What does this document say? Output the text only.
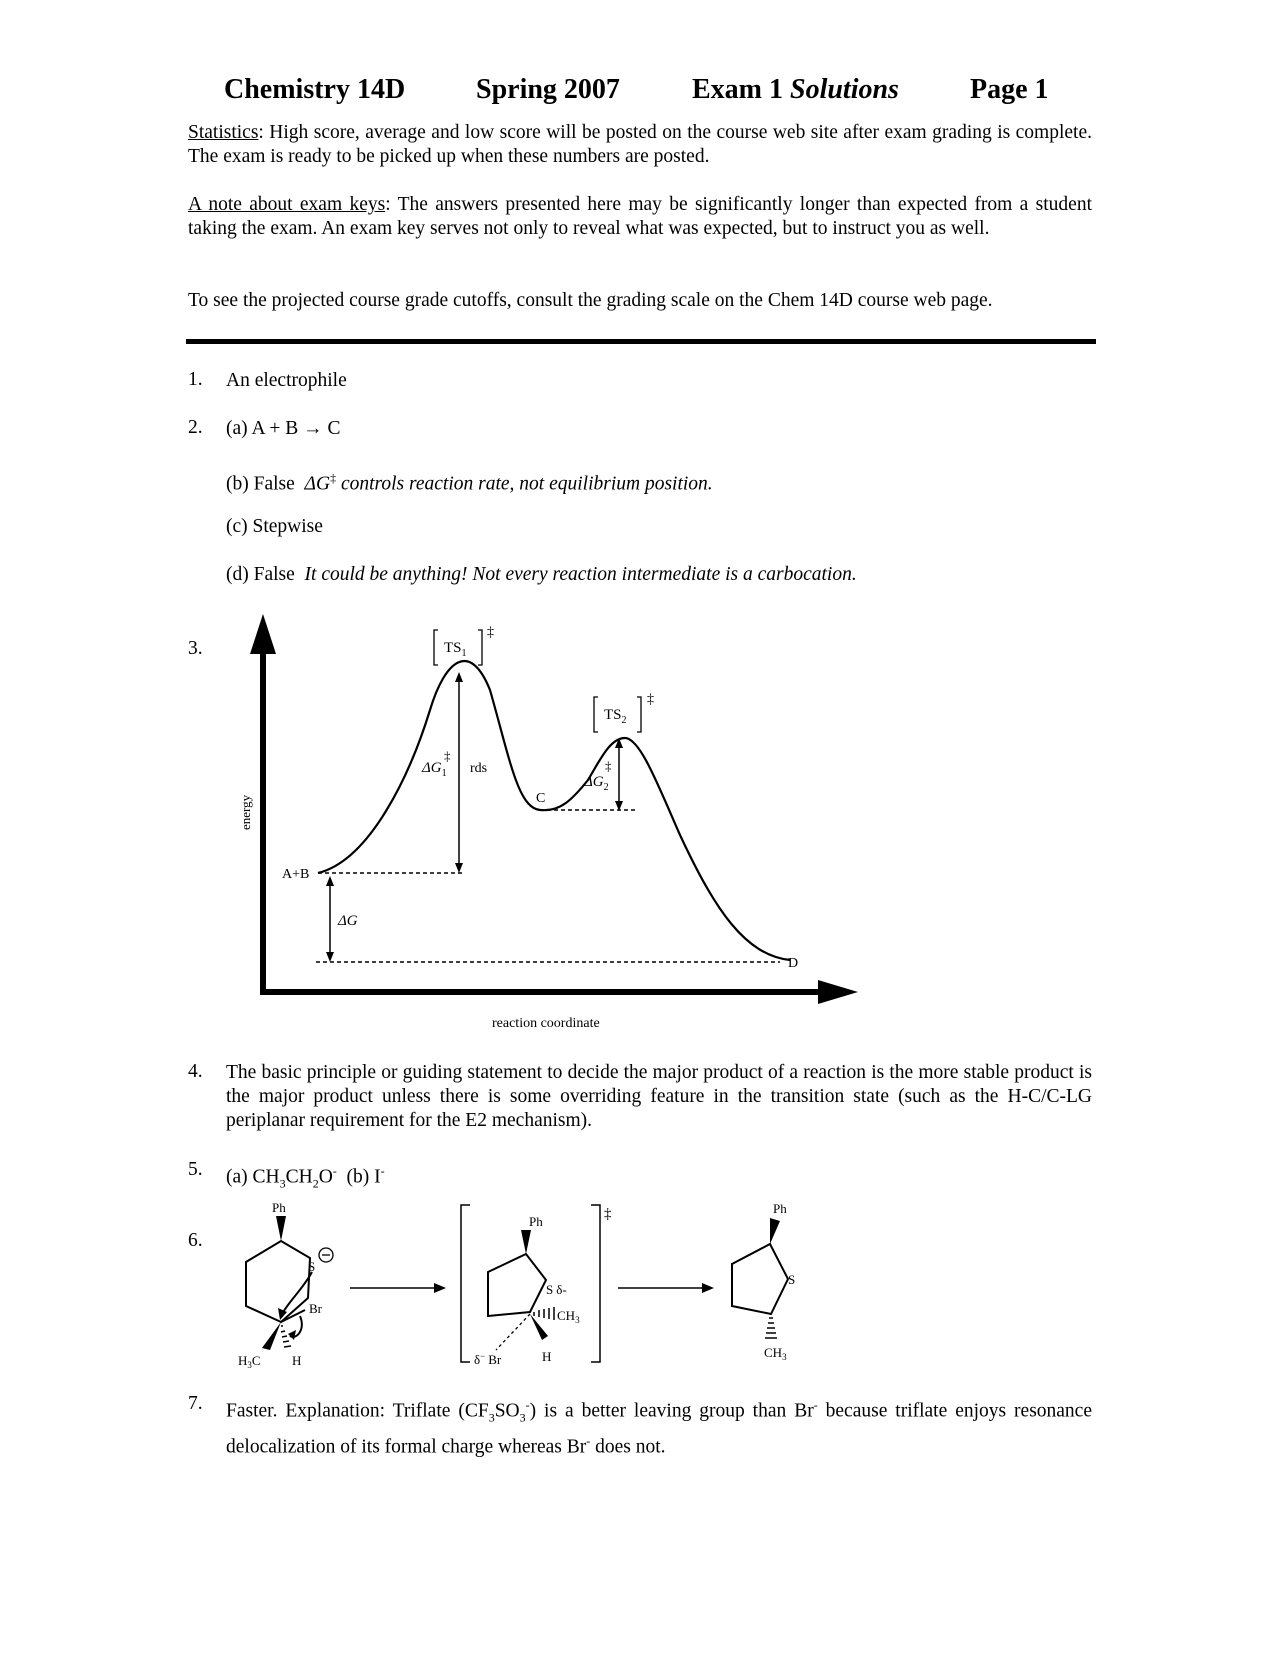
Chemistry 14D	Spring 2007	Exam 1 Solutions	Page 1
Statistics: High score, average and low score will be posted on the course web site after exam grading is complete. The exam is ready to be picked up when these numbers are posted.
A note about exam keys: The answers presented here may be significantly longer than expected from a student taking the exam. An exam key serves not only to reveal what was expected, but to instruct you as well.
To see the projected course grade cutoffs, consult the grading scale on the Chem 14D course web page.
1. An electrophile
2. (a) A + B → C
(b) False ΔG‡ controls reaction rate, not equilibrium position.
(c) Stepwise
(d) False It could be anything! Not every reaction intermediate is a carbocation.
3.	$TS_1$
‡
$TS_2$
‡
$\Delta G_1$
‡
rds
$\Delta G_2$
‡
C
A+B
ΔG
D
energy
reaction coordinate
4. The basic principle or guiding statement to decide the major product of a reaction is the more stable product is the major product unless there is some overriding feature in the transition state (such as the H-C/C-LG periplanar requirement for the E2 mechanism).
5. (a) $CH_3CH_2O^-$ (b) I-
6.
Ph
S
Br
$H_3C$ H
‡
Ph
S δ-
$CH_3$
δ− Br	H
Ph
S
$CH_3$
7. Faster. Explanation: Triflate $(CF_3SO_3^-)$ is a better leaving group than Br- because triflate enjoys resonance delocalization of its formal charge whereas Br- does not.
